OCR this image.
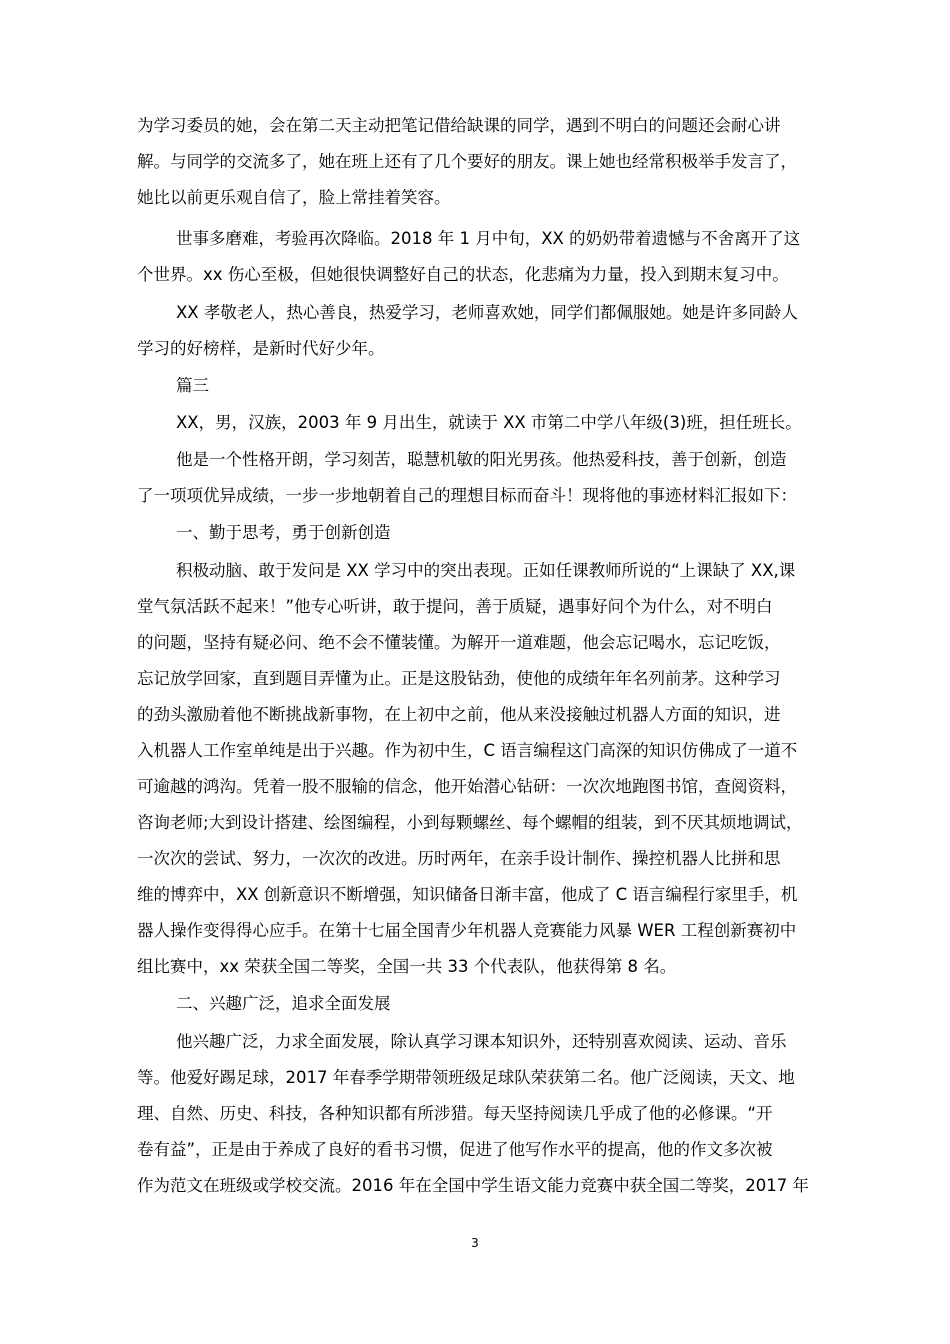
为学习委员的她，会在第二天主动把笔记借给缺课的同学，遇到不明白的问题还会耐心讲
解。与同学的交流多了，她在班上还有了几个要好的朋友。课上她也经常积极举手发言了，
她比以前更乐观自信了，脸上常挂着笑容。
世事多磨难，考验再次降临。2018 年 1 月中旬，XX 的奶奶带着遗憾与不舍离开了这
个世界。xx 伤心至极，但她很快调整好自己的状态，化悲痛为力量，投入到期末复习中。
XX 孝敬老人，热心善良，热爱学习，老师喜欢她，同学们都佩服她。她是许多同龄人
学习的好榜样，是新时代好少年。
篇三
XX，男，汉族，2003 年 9 月出生，就读于 XX 市第二中学八年级(3)班，担任班长。
他是一个性格开朗，学习刻苦，聪慧机敏的阳光男孩。他热爱科技，善于创新，创造
了一项项优异成绩，一步一步地朝着自己的理想目标而奋斗！现将他的事迹材料汇报如下：
一、勤于思考，勇于创新创造
积极动脑、敢于发问是 XX 学习中的突出表现。正如任课教师所说的“上课缺了 XX,课
堂气氛活跃不起来！”他专心听讲，敢于提问，善于质疑，遇事好问个为什么，对不明白
的问题，坚持有疑必问、绝不会不懂装懂。为解开一道难题，他会忘记喝水，忘记吃饭，
忘记放学回家，直到题目弄懂为止。正是这股钻劲，使他的成绩年年名列前茅。这种学习
的劲头激励着他不断挑战新事物，在上初中之前，他从来没接触过机器人方面的知识，进
入机器人工作室单纯是出于兴趣。作为初中生，C 语言编程这门高深的知识仿佛成了一道不
可逾越的鸿沟。凭着一股不服输的信念，他开始潜心钻研：一次次地跑图书馆，查阅资料，
咨询老师;大到设计搭建、绘图编程，小到每颗螺丝、每个螺帽的组装，到不厌其烦地调试，
一次次的尝试、努力，一次次的改进。历时两年，在亲手设计制作、操控机器人比拼和思
维的博弈中，XX 创新意识不断增强，知识储备日渐丰富，他成了 C 语言编程行家里手，机
器人操作变得得心应手。在第十七届全国青少年机器人竞赛能力风暴 WER 工程创新赛初中
组比赛中，xx 荣获全国二等奖，全国一共 33 个代表队，他获得第 8 名。
二、兴趣广泛，追求全面发展
他兴趣广泛，力求全面发展，除认真学习课本知识外，还特别喜欢阅读、运动、音乐
等。他爱好踢足球，2017 年春季学期带领班级足球队荣获第二名。他广泛阅读，天文、地
理、自然、历史、科技，各种知识都有所涉猎。每天坚持阅读几乎成了他的必修课。“开
卷有益”，正是由于养成了良好的看书习惯，促进了他写作水平的提高，他的作文多次被
作为范文在班级或学校交流。2016 年在全国中学生语文能力竞赛中获全国二等奖，2017 年
3
